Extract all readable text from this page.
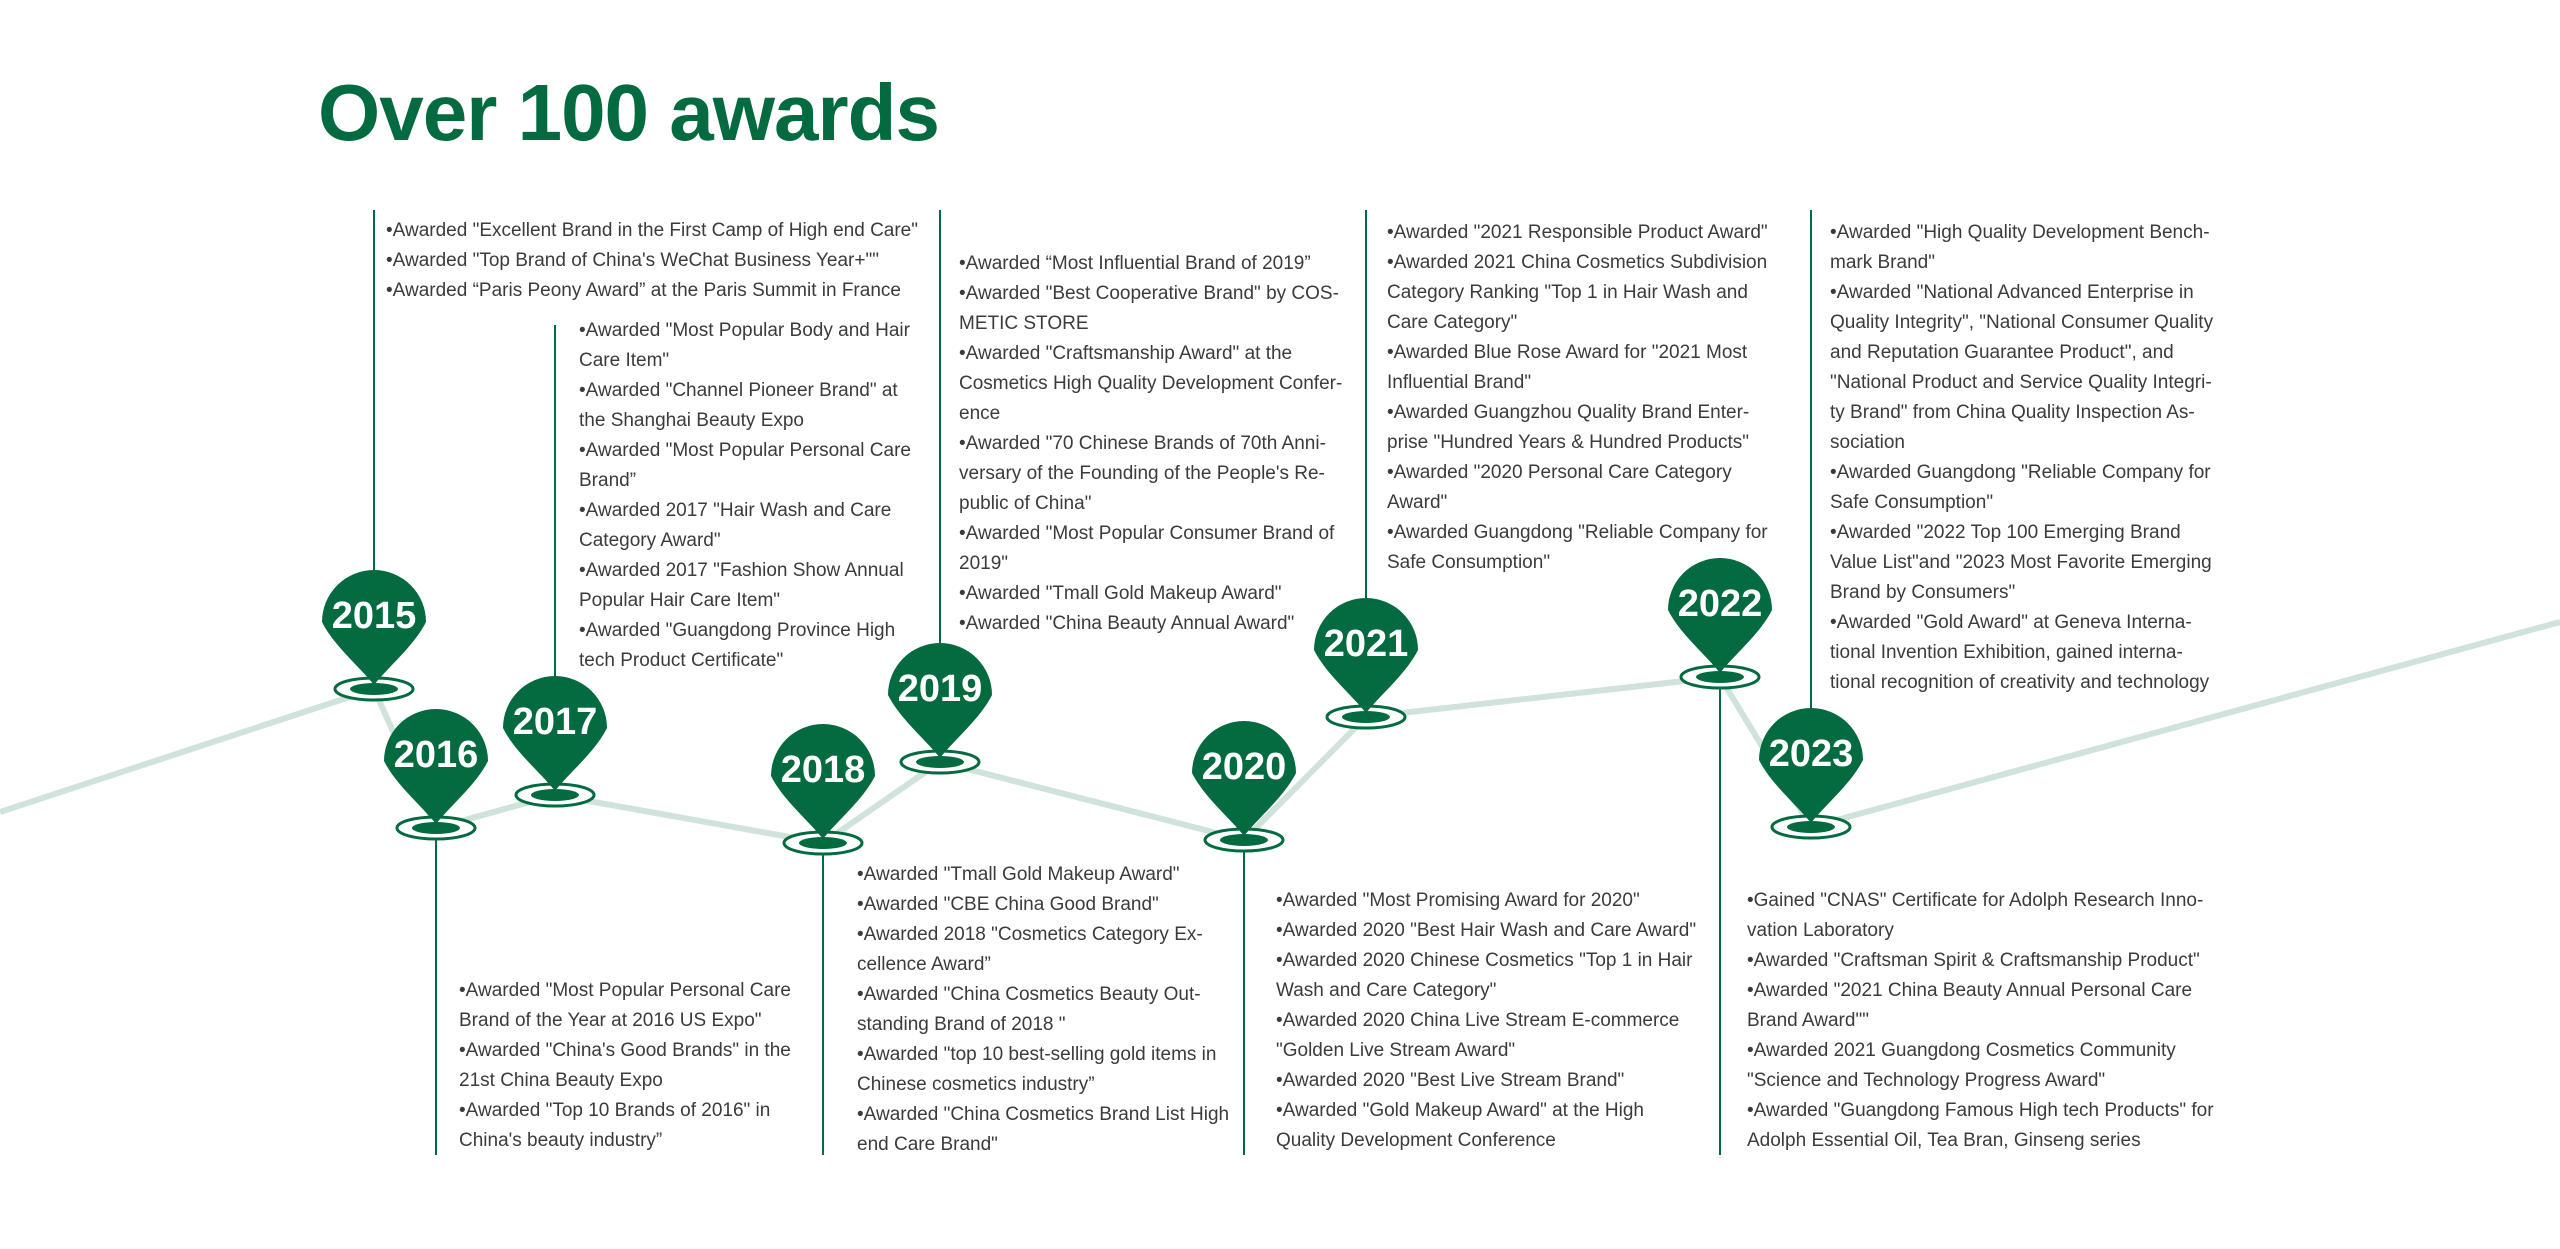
2015
2016
2017
2018
2019
2020
2021
2022
2023
Over 100 awards
•Awarded "Excellent Brand in the First Camp of High end Care"
•Awarded "Top Brand of China's WeChat Business Year+""
•Awarded “Paris Peony Award” at the Paris Summit in France
•Awarded "Most Popular Body and Hair Care Item"
•Awarded "Channel Pioneer Brand" at the Shanghai Beauty Expo
•Awarded "Most Popular Personal Care Brand”
•Awarded 2017 "Hair Wash and Care Category Award"
•Awarded 2017 "Fashion Show Annual Popular Hair Care Item"
•Awarded "Guangdong Province High tech Product Certificate"
•Awarded “Most Influential Brand of 2019”
•Awarded "Best Cooperative Brand" by COS- METIC STORE
•Awarded "Craftsmanship Award" at the Cosmetics High Quality Development Confer- ence
•Awarded "70 Chinese Brands of 70th Anni- versary of the Founding of the People's Re- public of China"
•Awarded "Most Popular Consumer Brand of 2019"
•Awarded "Tmall Gold Makeup Award"
•Awarded "China Beauty Annual Award"
•Awarded "2021 Responsible Product Award"
•Awarded 2021 China Cosmetics Subdivision Category Ranking "Top 1 in Hair Wash and Care Category"
•Awarded Blue Rose Award for "2021 Most Influential Brand"
•Awarded Guangzhou Quality Brand Enter- prise "Hundred Years & Hundred Products"
•Awarded "2020 Personal Care Category Award"
•Awarded Guangdong "Reliable Company for Safe Consumption"
•Awarded "High Quality Development Bench- mark Brand"
•Awarded "National Advanced Enterprise in Quality Integrity", "National Consumer Quality and Reputation Guarantee Product", and "National Product and Service Quality Integri- ty Brand" from China Quality Inspection As- sociation
•Awarded Guangdong "Reliable Company for Safe Consumption"
•Awarded "2022 Top 100 Emerging Brand Value List"and "2023 Most Favorite Emerging Brand by Consumers"
•Awarded "Gold Award" at Geneva Interna- tional Invention Exhibition, gained interna- tional recognition of creativity and technology
•Awarded "Most Popular Personal Care Brand of the Year at 2016 US Expo"
•Awarded "China's Good Brands" in the 21st China Beauty Expo
•Awarded "Top 10 Brands of 2016" in China's beauty industry”
•Awarded "Tmall Gold Makeup Award"
•Awarded "CBE China Good Brand"
•Awarded 2018 "Cosmetics Category Ex- cellence Award”
•Awarded "China Cosmetics Beauty Out- standing Brand of 2018 "
•Awarded "top 10 best-selling gold items in Chinese cosmetics industry”
•Awarded "China Cosmetics Brand List High end Care Brand"
•Awarded "Most Promising Award for 2020"
•Awarded 2020 "Best Hair Wash and Care Award"
•Awarded 2020 Chinese Cosmetics "Top 1 in Hair Wash and Care Category"
•Awarded 2020 China Live Stream E-commerce "Golden Live Stream Award"
•Awarded 2020 "Best Live Stream Brand"
•Awarded "Gold Makeup Award" at the High Quality Development Conference
•Gained "CNAS" Certificate for Adolph Research Inno- vation Laboratory
•Awarded "Craftsman Spirit & Craftsmanship Product"
•Awarded "2021 China Beauty Annual Personal Care Brand Award""
•Awarded 2021 Guangdong Cosmetics Community "Science and Technology Progress Award"
•Awarded "Guangdong Famous High tech Products" for Adolph Essential Oil, Tea Bran, Ginseng series
